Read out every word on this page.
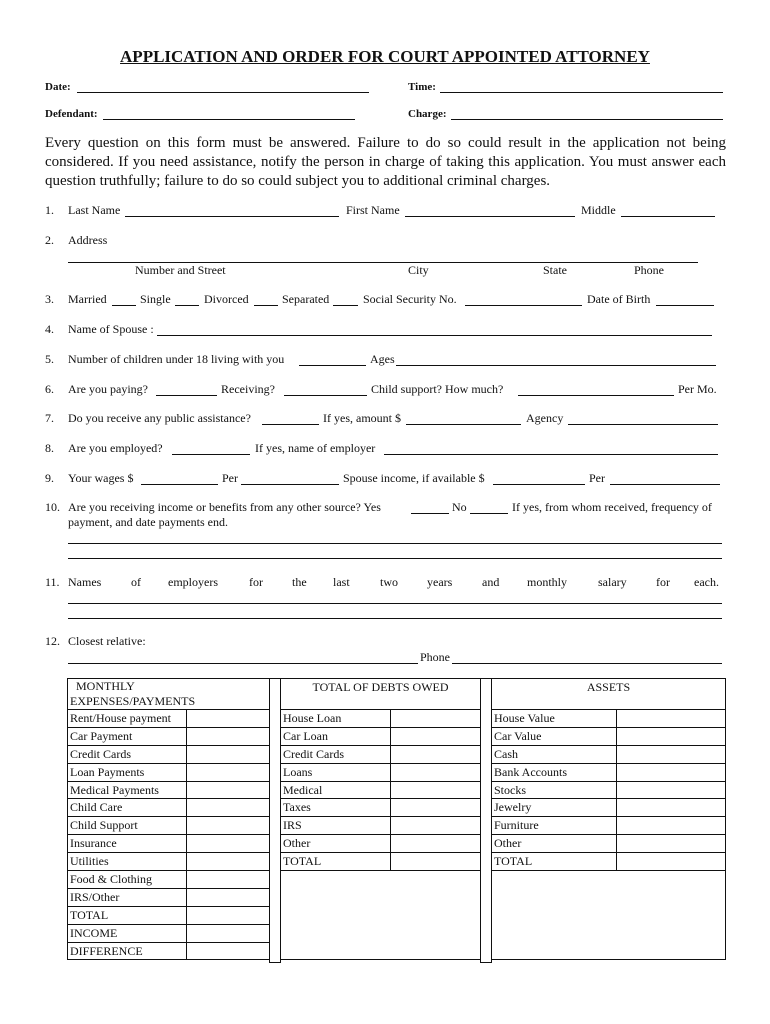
APPLICATION AND ORDER FOR COURT APPOINTED ATTORNEY
Date:	Time:
Defendant:	Charge:
Every question on this form must be answered. Failure to do so could result in the application not being considered. If you need assistance, notify the person in charge of taking this application. You must answer each question truthfully; failure to do so could subject you to additional criminal charges.
1. Last Name	First Name	Middle
2. Address
Number and Street	City	State	Phone
3. Married	Single	Divorced	Separated	Social Security No.	Date of Birth
4. Name of Spouse :
5. Number of children under 18 living with you	Ages
6. Are you paying?	Receiving?	Child support? How much?	Per Mo.
7. Do you receive any public assistance?	If yes, amount $	Agency
8. Are you employed?	If yes, name of employer
9. Your wages $	Per	Spouse income, if available $	Per
10. Are you receiving income or benefits from any other source? Yes	No	If yes, from whom received, frequency of
payment, and date payments end.
11. Names of employers	for the last	two years and monthly	salary for each.
12. Closest relative:
Phone
MONTHLY
EXPENSES/PAYMENTS	
Rent/House payment	
Car Payment	
Credit Cards	
Loan Payments	
Medical Payments	
Child Care	
Child Support	
Insurance	
Utilities	
Food & Clothing	
IRS/Other	
TOTAL	
INCOME	
DIFFERENCE	
TOTAL OF DEBTS OWED	
House Loan	
Car Loan	
Credit Cards	
Loans	
Medical	
Taxes	
IRS	
Other	
TOTAL	

ASSETS	
House Value	
Car Value	
Cash	
Bank Accounts	
Stocks	
Jewelry	
Furniture	
Other	
TOTAL	
